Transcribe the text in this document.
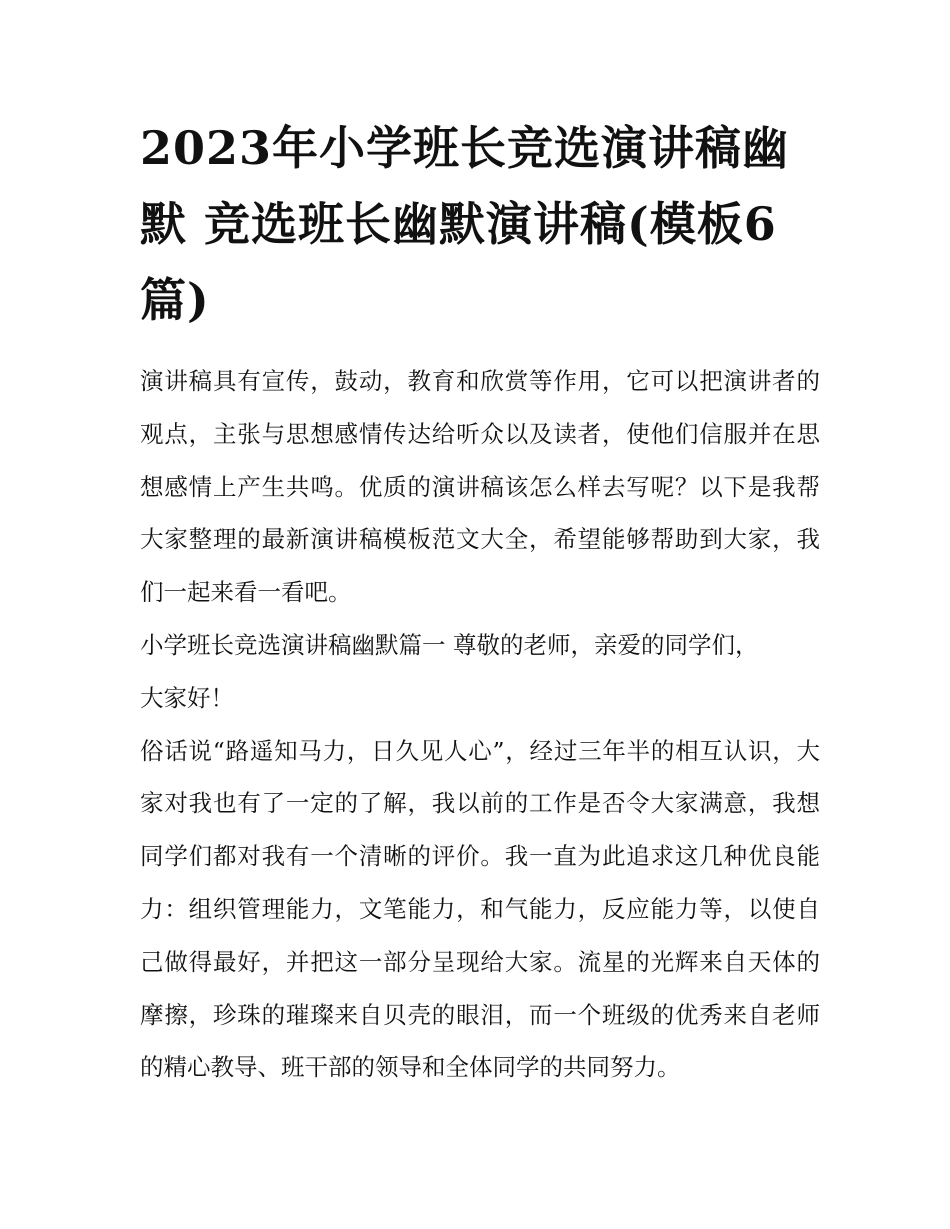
2023年小学班长竞选演讲稿幽默 竞选班长幽默演讲稿(模板6篇)

演讲稿具有宣传，鼓动，教育和欣赏等作用，它可以把演讲者的观点，主张与思想感情传达给听众以及读者，使他们信服并在思想感情上产生共鸣。优质的演讲稿该怎么样去写呢？以下是我帮大家整理的最新演讲稿模板范文大全，希望能够帮助到大家，我们一起来看一看吧。

小学班长竞选演讲稿幽默篇一 尊敬的老师，亲爱的同学们，

大家好！

俗话说“路遥知马力，日久见人心”，经过三年半的相互认识，大家对我也有了一定的了解，我以前的工作是否令大家满意，我想同学们都对我有一个清晰的评价。我一直为此追求这几种优良能力：组织管理能力，文笔能力，和气能力，反应能力等，以使自己做得最好，并把这一部分呈现给大家。流星的光辉来自天体的摩擦，珍珠的璀璨来自贝壳的眼泪，而一个班级的优秀来自老师的精心教导、班干部的领导和全体同学的共同努力。
